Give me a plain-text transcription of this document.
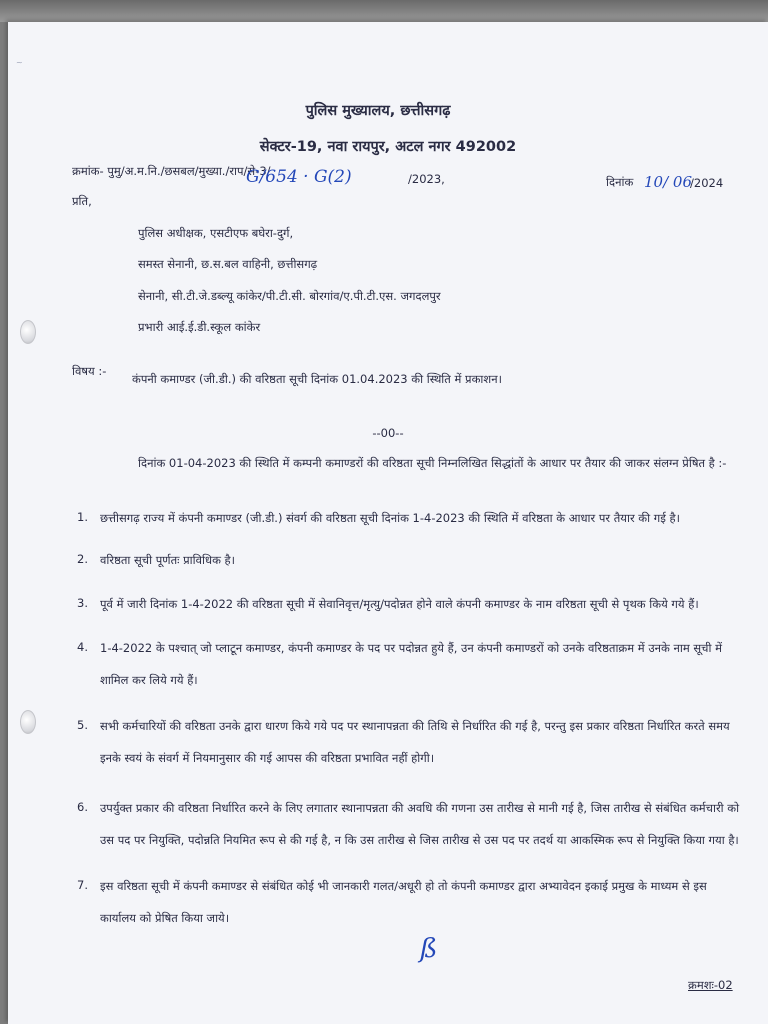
~
पुलिस मुख्यालय, छत्तीसगढ़
सेक्टर-19, नवा रायपुर, अटल नगर 492002
क्रमांक- पुमु/अ.म.नि./छसबल/मुख्या./राप/से-3/
G/654 · G(2)	/2023,	दिनांक 10/ 06
/2024
प्रति,
पुलिस अधीक्षक, एसटीएफ बघेरा-दुर्ग,
समस्त सेनानी, छ.स.बल वाहिनी, छत्तीसगढ़
सेनानी, सी.टी.जे.डब्ल्यू कांकेर/पी.टी.सी. बोरगांव/ए.पी.टी.एस. जगदलपुर
प्रभारी आई.ई.डी.स्कूल कांकेर
विषय :-
कंपनी कमाण्डर (जी.डी.) की वरिष्ठता सूची दिनांक 01.04.2023 की स्थिति में प्रकाशन।
--00--
दिनांक 01-04-2023 की स्थिति में कम्पनी कमाण्डरों की वरिष्ठता सूची निम्नलिखित सिद्धांतों के आधार पर तैयार की जाकर संलग्न प्रेषित है :-
1. छत्तीसगढ़ राज्य में कंपनी कमाण्डर (जी.डी.) संवर्ग की वरिष्ठता सूची दिनांक 1-4-2023 की स्थिति में वरिष्ठता के आधार पर तैयार की गई है।
2. वरिष्ठता सूची पूर्णतः प्राविधिक है।
3. पूर्व में जारी दिनांक 1-4-2022 की वरिष्ठता सूची में सेवानिवृत्त/मृत्यु/पदोन्नत होने वाले कंपनी कमाण्डर के नाम वरिष्ठता सूची से पृथक किये गये हैं।
4. 1-4-2022 के पश्चात् जो प्लाटून कमाण्डर, कंपनी कमाण्डर के पद पर पदोन्नत हुये हैं, उन कंपनी कमाण्डरों को उनके वरिष्ठताक्रम में उनके नाम सूची में शामिल कर लिये गये हैं।
5. सभी कर्मचारियों की वरिष्ठता उनके द्वारा धारण किये गये पद पर स्थानापन्नता की तिथि से निर्धारित की गई है, परन्तु इस प्रकार वरिष्ठता निर्धारित करते समय इनके स्वयं के संवर्ग में नियमानुसार की गई आपस की वरिष्ठता प्रभावित नहीं होगी।
6. उपर्युक्त प्रकार की वरिष्ठता निर्धारित करने के लिए लगातार स्थानापन्नता की अवधि की गणना उस तारीख से मानी गई है, जिस तारीख से संबंधित कर्मचारी को उस पद पर नियुक्ति, पदोन्नति नियमित रूप से की गई है, न कि उस तारीख से जिस तारीख से उस पद पर तदर्थ या आकस्मिक रूप से नियुक्ति किया गया है।
7. इस वरिष्ठता सूची में कंपनी कमाण्डर से संबंधित कोई भी जानकारी गलत/अधूरी हो तो कंपनी कमाण्डर द्वारा अभ्यावेदन इकाई प्रमुख के माध्यम से इस कार्यालय को प्रेषित किया जाये।
ß
क्रमशः-02
